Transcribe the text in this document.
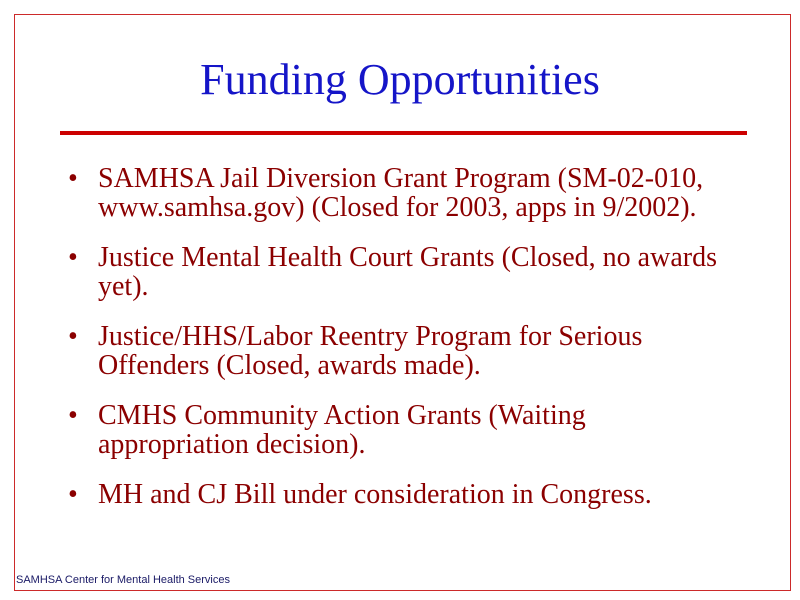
Funding Opportunities
• SAMHSA Jail Diversion Grant Program (SM-02-010, www.samhsa.gov) (Closed for 2003, apps in 9/2002).
• Justice Mental Health Court Grants (Closed, no awards yet).
• Justice/HHS/Labor Reentry Program for Serious Offenders (Closed, awards made).
• CMHS Community Action Grants (Waiting appropriation decision).
• MH and CJ Bill under consideration in Congress.
SAMHSA Center for Mental Health Services
